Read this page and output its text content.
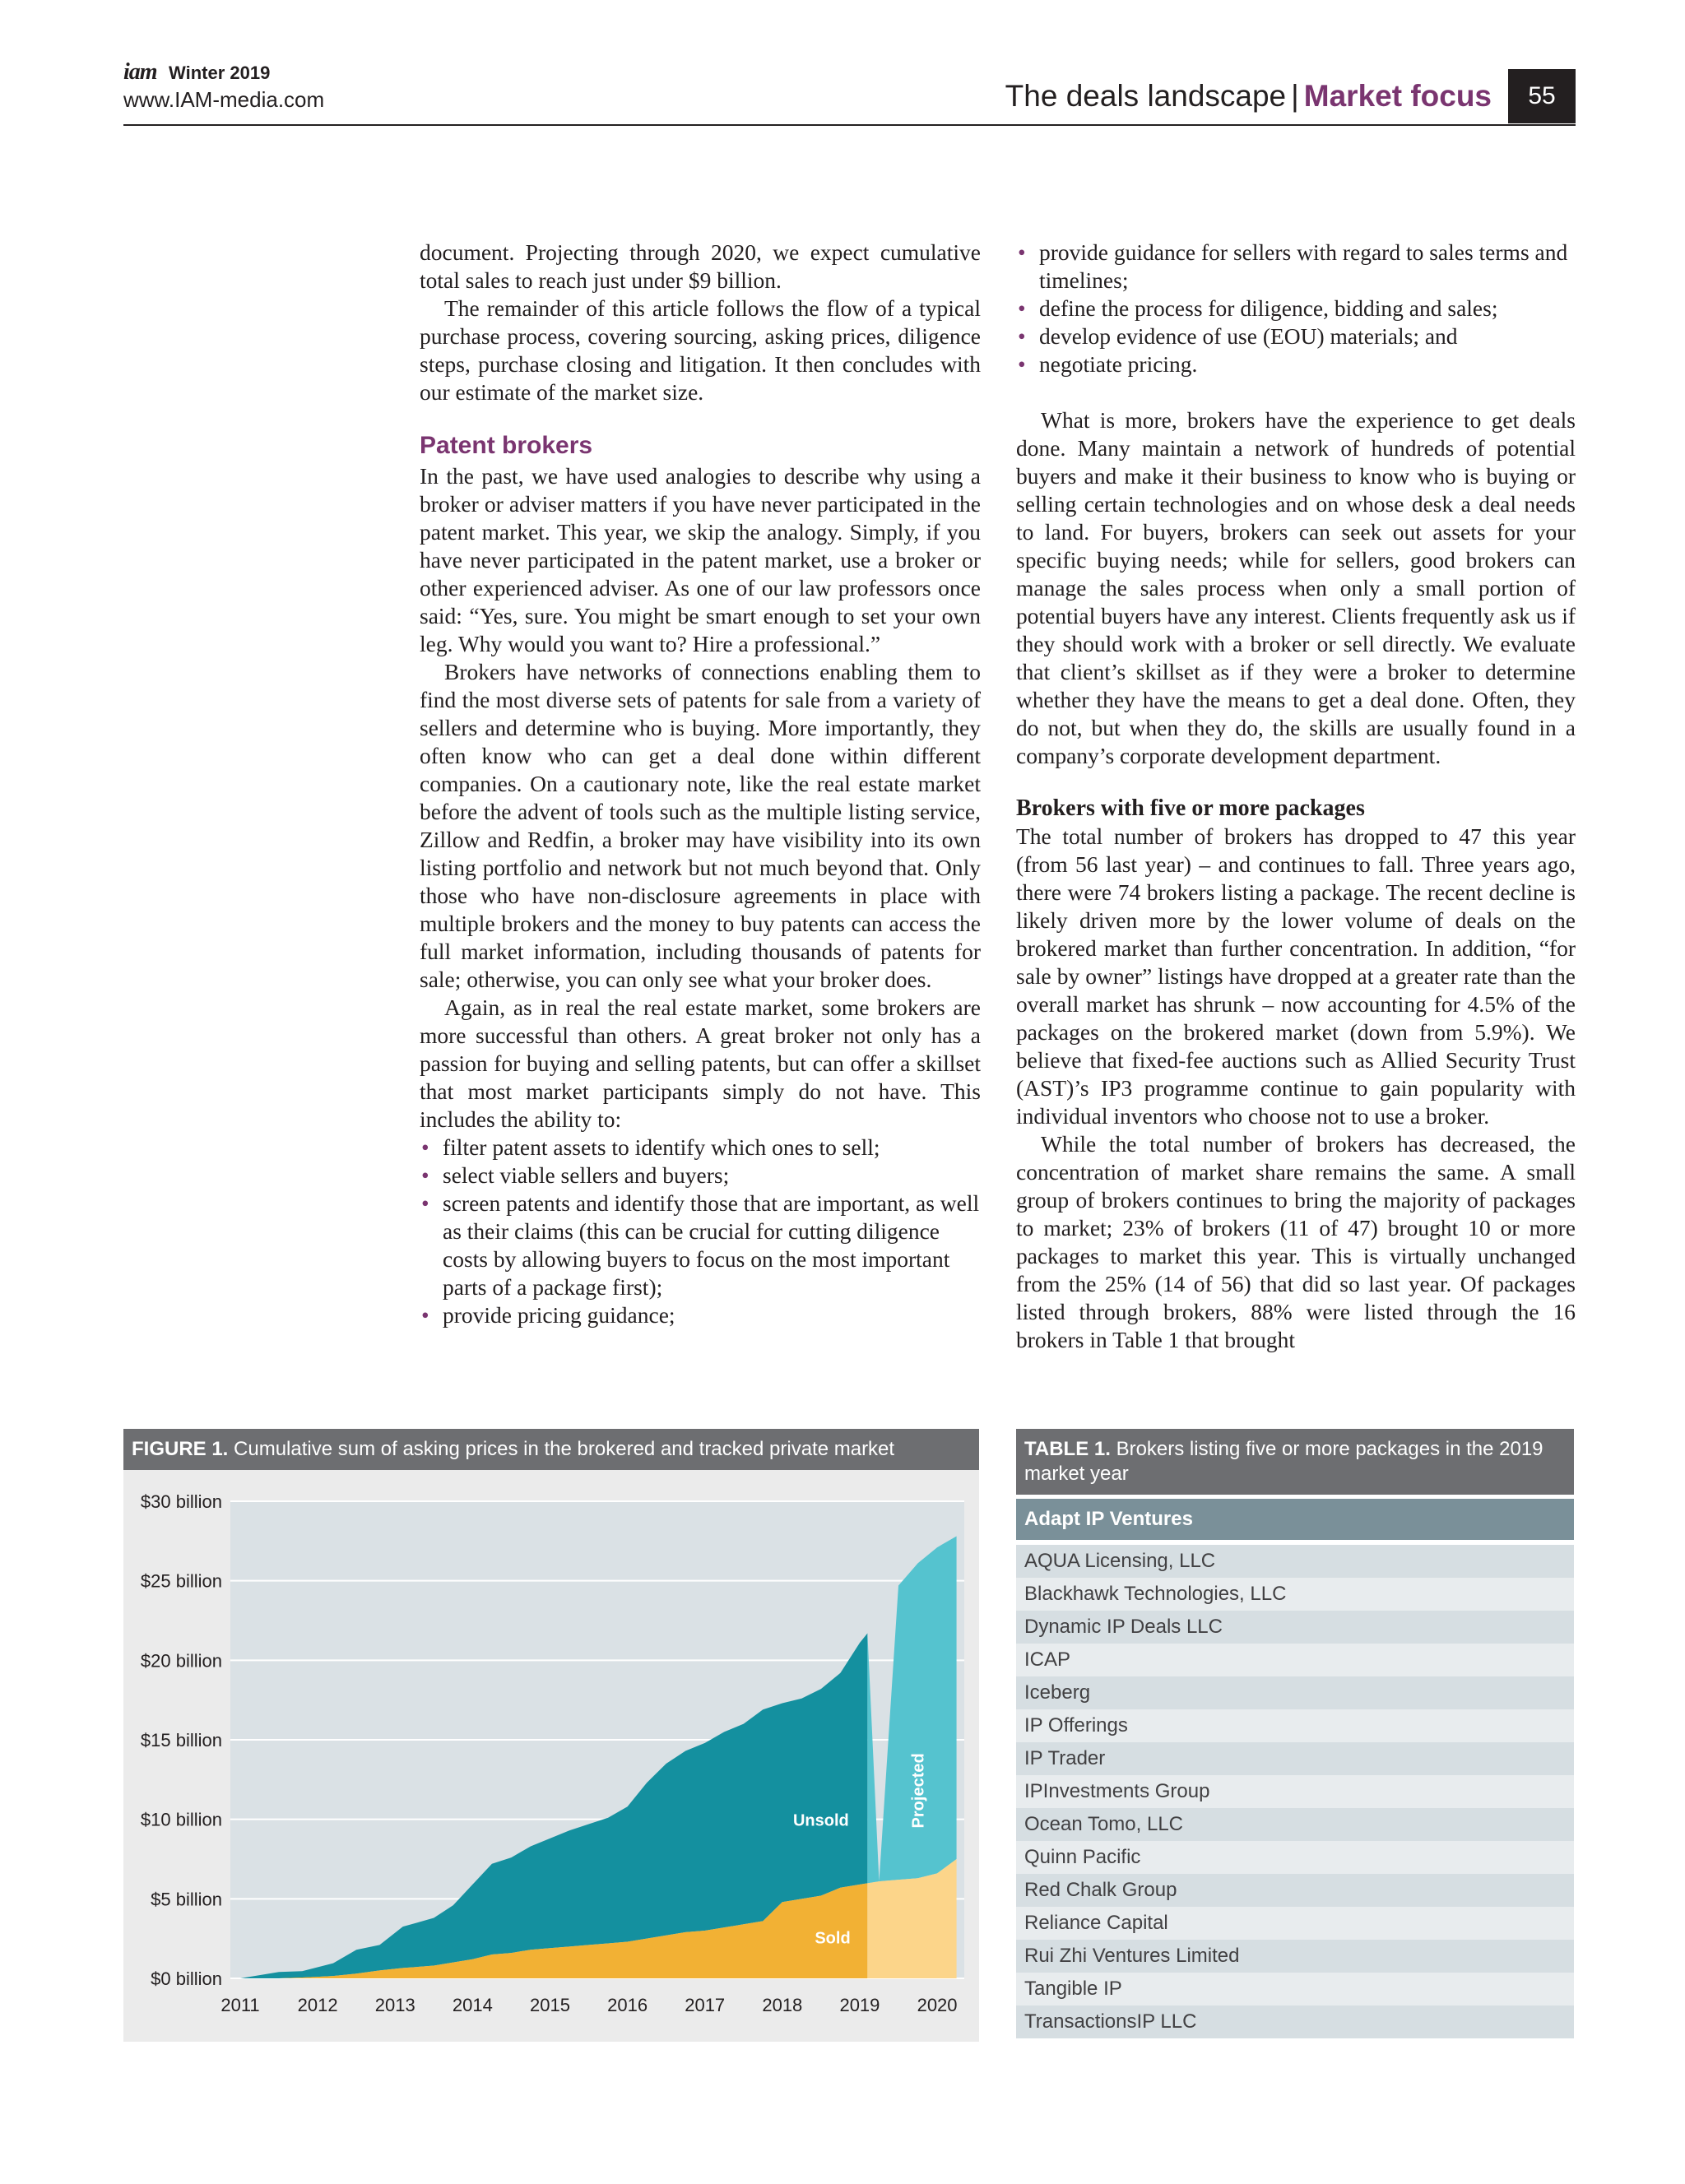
iam Winter 2019
www.IAM-media.com	The deals landscape | Market focus	55

document. Projecting through 2020, we expect cumulative total sales to reach just under $9 billion.

The remainder of this article follows the flow of a typical purchase process, covering sourcing, asking prices, diligence steps, purchase closing and litigation. It then concludes with our estimate of the market size.

Patent brokers

In the past, we have used analogies to describe why using a broker or adviser matters if you have never participated in the patent market. This year, we skip the analogy. Simply, if you have never participated in the patent market, use a broker or other experienced adviser. As one of our law professors once said: “Yes, sure. You might be smart enough to set your own leg. Why would you want to? Hire a professional.”

Brokers have networks of connections enabling them to find the most diverse sets of patents for sale from a variety of sellers and determine who is buying. More importantly, they often know who can get a deal done within different companies. On a cautionary note, like the real estate market before the advent of tools such as the multiple listing service, Zillow and Redfin, a broker may have visibility into its own listing portfolio and network but not much beyond that. Only those who have non-disclosure agreements in place with multiple brokers and the money to buy patents can access the full market information, including thousands of patents for sale; otherwise, you can only see what your broker does.

Again, as in real the real estate market, some brokers are more successful than others. A great broker not only has a passion for buying and selling patents, but can offer a skillset that most market participants simply do not have. This includes the ability to:

• filter patent assets to identify which ones to sell;
• select viable sellers and buyers;
• screen patents and identify those that are important, as well as their claims (this can be crucial for cutting diligence costs by allowing buyers to focus on the most important parts of a package first);
• provide pricing guidance;
• provide guidance for sellers with regard to sales terms and timelines;
• define the process for diligence, bidding and sales;
• develop evidence of use (EOU) materials; and
• negotiate pricing.

What is more, brokers have the experience to get deals done. Many maintain a network of hundreds of potential buyers and make it their business to know who is buying or selling certain technologies and on whose desk a deal needs to land. For buyers, brokers can seek out assets for your specific buying needs; while for sellers, good brokers can manage the sales process when only a small portion of potential buyers have any interest. Clients frequently ask us if they should work with a broker or sell directly. We evaluate that client’s skillset as if they were a broker to determine whether they have the means to get a deal done. Often, they do not, but when they do, the skills are usually found in a company’s corporate development department.

Brokers with five or more packages

The total number of brokers has dropped to 47 this year (from 56 last year) – and continues to fall. Three years ago, there were 74 brokers listing a package. The recent decline is likely driven more by the lower volume of deals on the brokered market than further concentration. In addition, “for sale by owner” listings have dropped at a greater rate than the overall market has shrunk – now accounting for 4.5% of the packages on the brokered market (down from 5.9%). We believe that fixed-fee auctions such as Allied Security Trust (AST)’s IP3 programme continue to gain popularity with individual inventors who choose not to use a broker.

While the total number of brokers has decreased, the concentration of market share remains the same. A small group of brokers continues to bring the majority of packages to market; 23% of brokers (11 of 47) brought 10 or more packages to market this year. This is virtually unchanged from the 25% (14 of 56) that did so last year. Of packages listed through brokers, 88% were listed through the 16 brokers in Table 1 that brought

FIGURE 1. Cumulative sum of asking prices in the brokered and tracked private market
$0 billion
$5 billion
$10 billion
$15 billion
$20 billion
$25 billion
$30 billion
Unsold
Sold
Projected
2011 2012 2013 2014 2015 2016 2017 2018 2019 2020
TABLE 1. Brokers listing five or more packages in the 2019 market year
Adapt IP Ventures
AQUA Licensing, LLC
Blackhawk Technologies, LLC
Dynamic IP Deals LLC
ICAP
Iceberg
IP Offerings
IP Trader
IPInvestments Group
Ocean Tomo, LLC
Quinn Pacific
Red Chalk Group
Reliance Capital
Rui Zhi Ventures Limited
Tangible IP
TransactionsIP LLC
